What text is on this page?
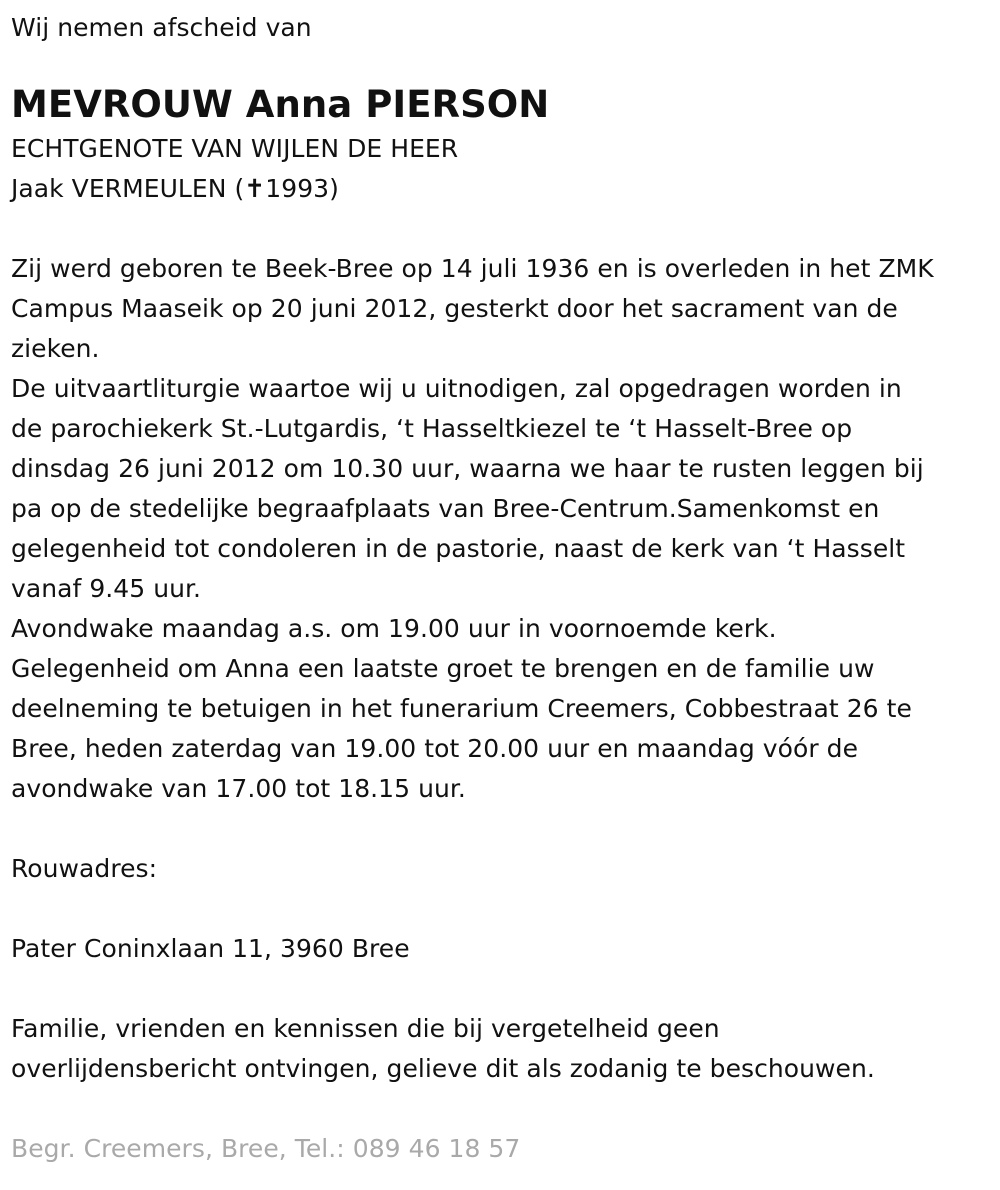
Wij nemen afscheid van
MEVROUW Anna PIERSON
ECHTGENOTE VAN WIJLEN DE HEER
Jaak VERMEULEN (✝1993)
Zij werd geboren te Beek-Bree op 14 juli 1936 en is overleden in het ZMK
Campus Maaseik op 20 juni 2012, gesterkt door het sacrament van de
zieken.
De uitvaartliturgie waartoe wij u uitnodigen, zal opgedragen worden in
de parochiekerk St.-Lutgardis, ‘t Hasseltkiezel te ‘t Hasselt-Bree op
dinsdag 26 juni 2012 om 10.30 uur, waarna we haar te rusten leggen bij
pa op de stedelijke begraafplaats van Bree-Centrum.Samenkomst en
gelegenheid tot condoleren in de pastorie, naast de kerk van ‘t Hasselt
vanaf 9.45 uur.
Avondwake maandag a.s. om 19.00 uur in voornoemde kerk.
Gelegenheid om Anna een laatste groet te brengen en de familie uw
deelneming te betuigen in het funerarium Creemers, Cobbestraat 26 te
Bree, heden zaterdag van 19.00 tot 20.00 uur en maandag vóór de
avondwake van 17.00 tot 18.15 uur.
Rouwadres:
Pater Coninxlaan 11, 3960 Bree
Familie, vrienden en kennissen die bij vergetelheid geen
overlijdensbericht ontvingen, gelieve dit als zodanig te beschouwen.
Begr. Creemers, Bree, Tel.: 089 46 18 57
